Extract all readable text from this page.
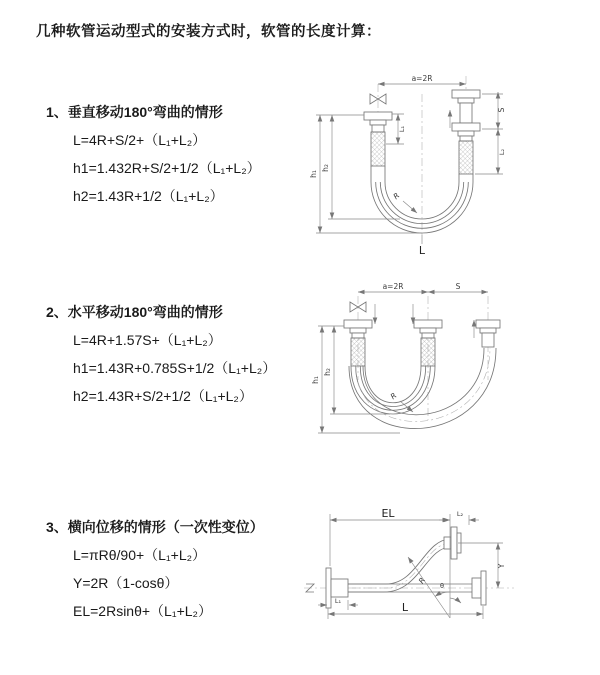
几种软管运动型式的安装方式时，软管的长度计算：
1、垂直移动180°弯曲的情形
L=4R+S/2+（L₁+L₂）
h1=1.432R+S/2+1/2（L₁+L₂）
h2=1.43R+1/2（L₁+L₂）
2、水平移动180°弯曲的情形
L=4R+1.57S+（L₁+L₂）
h1=1.43R+0.785S+1/2（L₁+L₂）
h2=1.43R+S/2+1/2（L₁+L₂）
3、横向位移的情形（一次性变位）
L=πRθ/90+（L₁+L₂）
Y=2R（1-cosθ）
EL=2Rsinθ+（L₁+L₂）
a=2R
S
L₂
L₁
h₁
h₂
R
L
a=2R	S
h₁
h₂
R
EL	L₂
Y
L
L₁
R
θ
